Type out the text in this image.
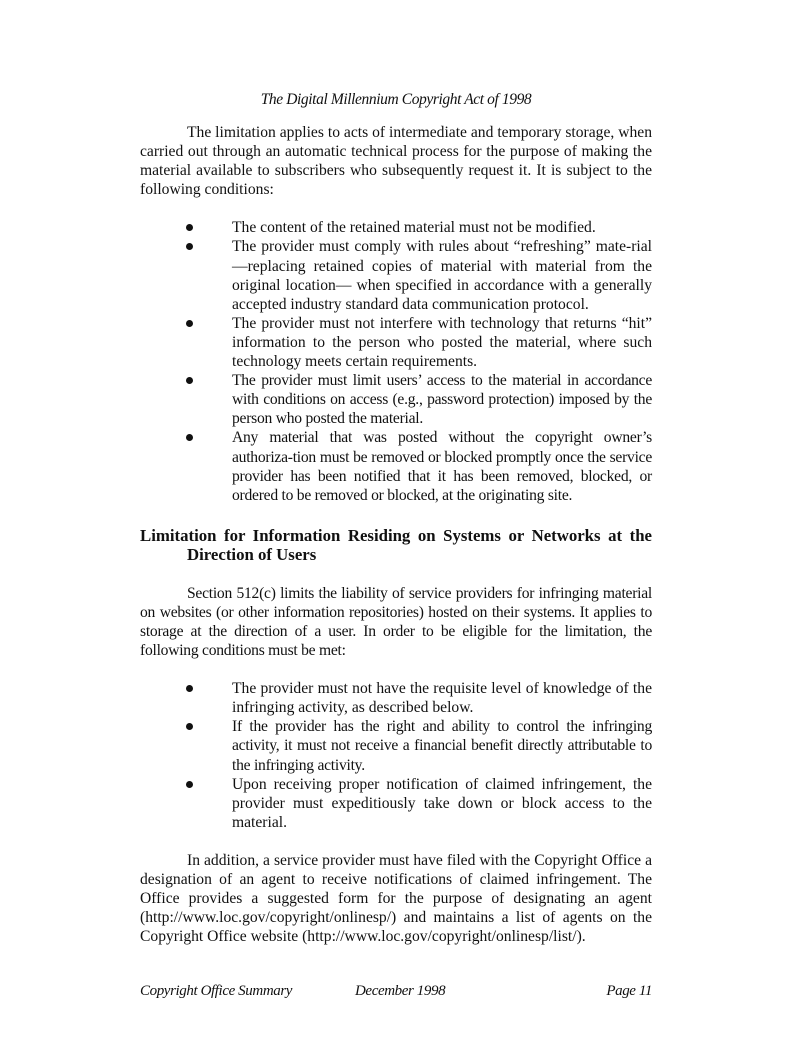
The Digital Millennium Copyright Act of 1998

The limitation applies to acts of intermediate and temporary storage, when carried out through an automatic technical process for the purpose of making the material available to subscribers who subsequently request it. It is subject to the following conditions:

The content of the retained material must not be modified.
The provider must comply with rules about “refreshing” mate-rial—replacing retained copies of material with material from the original location— when specified in accordance with a generally accepted industry standard data communication protocol.
The provider must not interfere with technology that returns “hit” information to the person who posted the material, where such technology meets certain requirements.
The provider must limit users’ access to the material in accordance with conditions on access (e.g., password protection) imposed by the person who posted the material.
Any material that was posted without the copyright owner’s authoriza-tion must be removed or blocked promptly once the service provider has been notified that it has been removed, blocked, or ordered to be removed or blocked, at the originating site.
Limitation for Information Residing on Systems or Networks at the
Direction of Users

Section 512(c) limits the liability of service providers for infringing material on websites (or other information repositories) hosted on their systems. It applies to storage at the direction of a user. In order to be eligible for the limitation, the following conditions must be met:

The provider must not have the requisite level of knowledge of the infringing activity, as described below.
If the provider has the right and ability to control the infringing activity, it must not receive a financial benefit directly attributable to the infringing activity.
Upon receiving proper notification of claimed infringement, the provider must expeditiously take down or block access to the material.

In addition, a service provider must have filed with the Copyright Office a designation of an agent to receive notifications of claimed infringement. The Office provides a suggested form for the purpose of designating an agent (http://www.loc.gov/copyright/onlinesp/) and maintains a list of agents on the Copyright Office website (http://www.loc.gov/copyright/onlinesp/list/).

Copyright Office Summary	December 1998	Page 11
